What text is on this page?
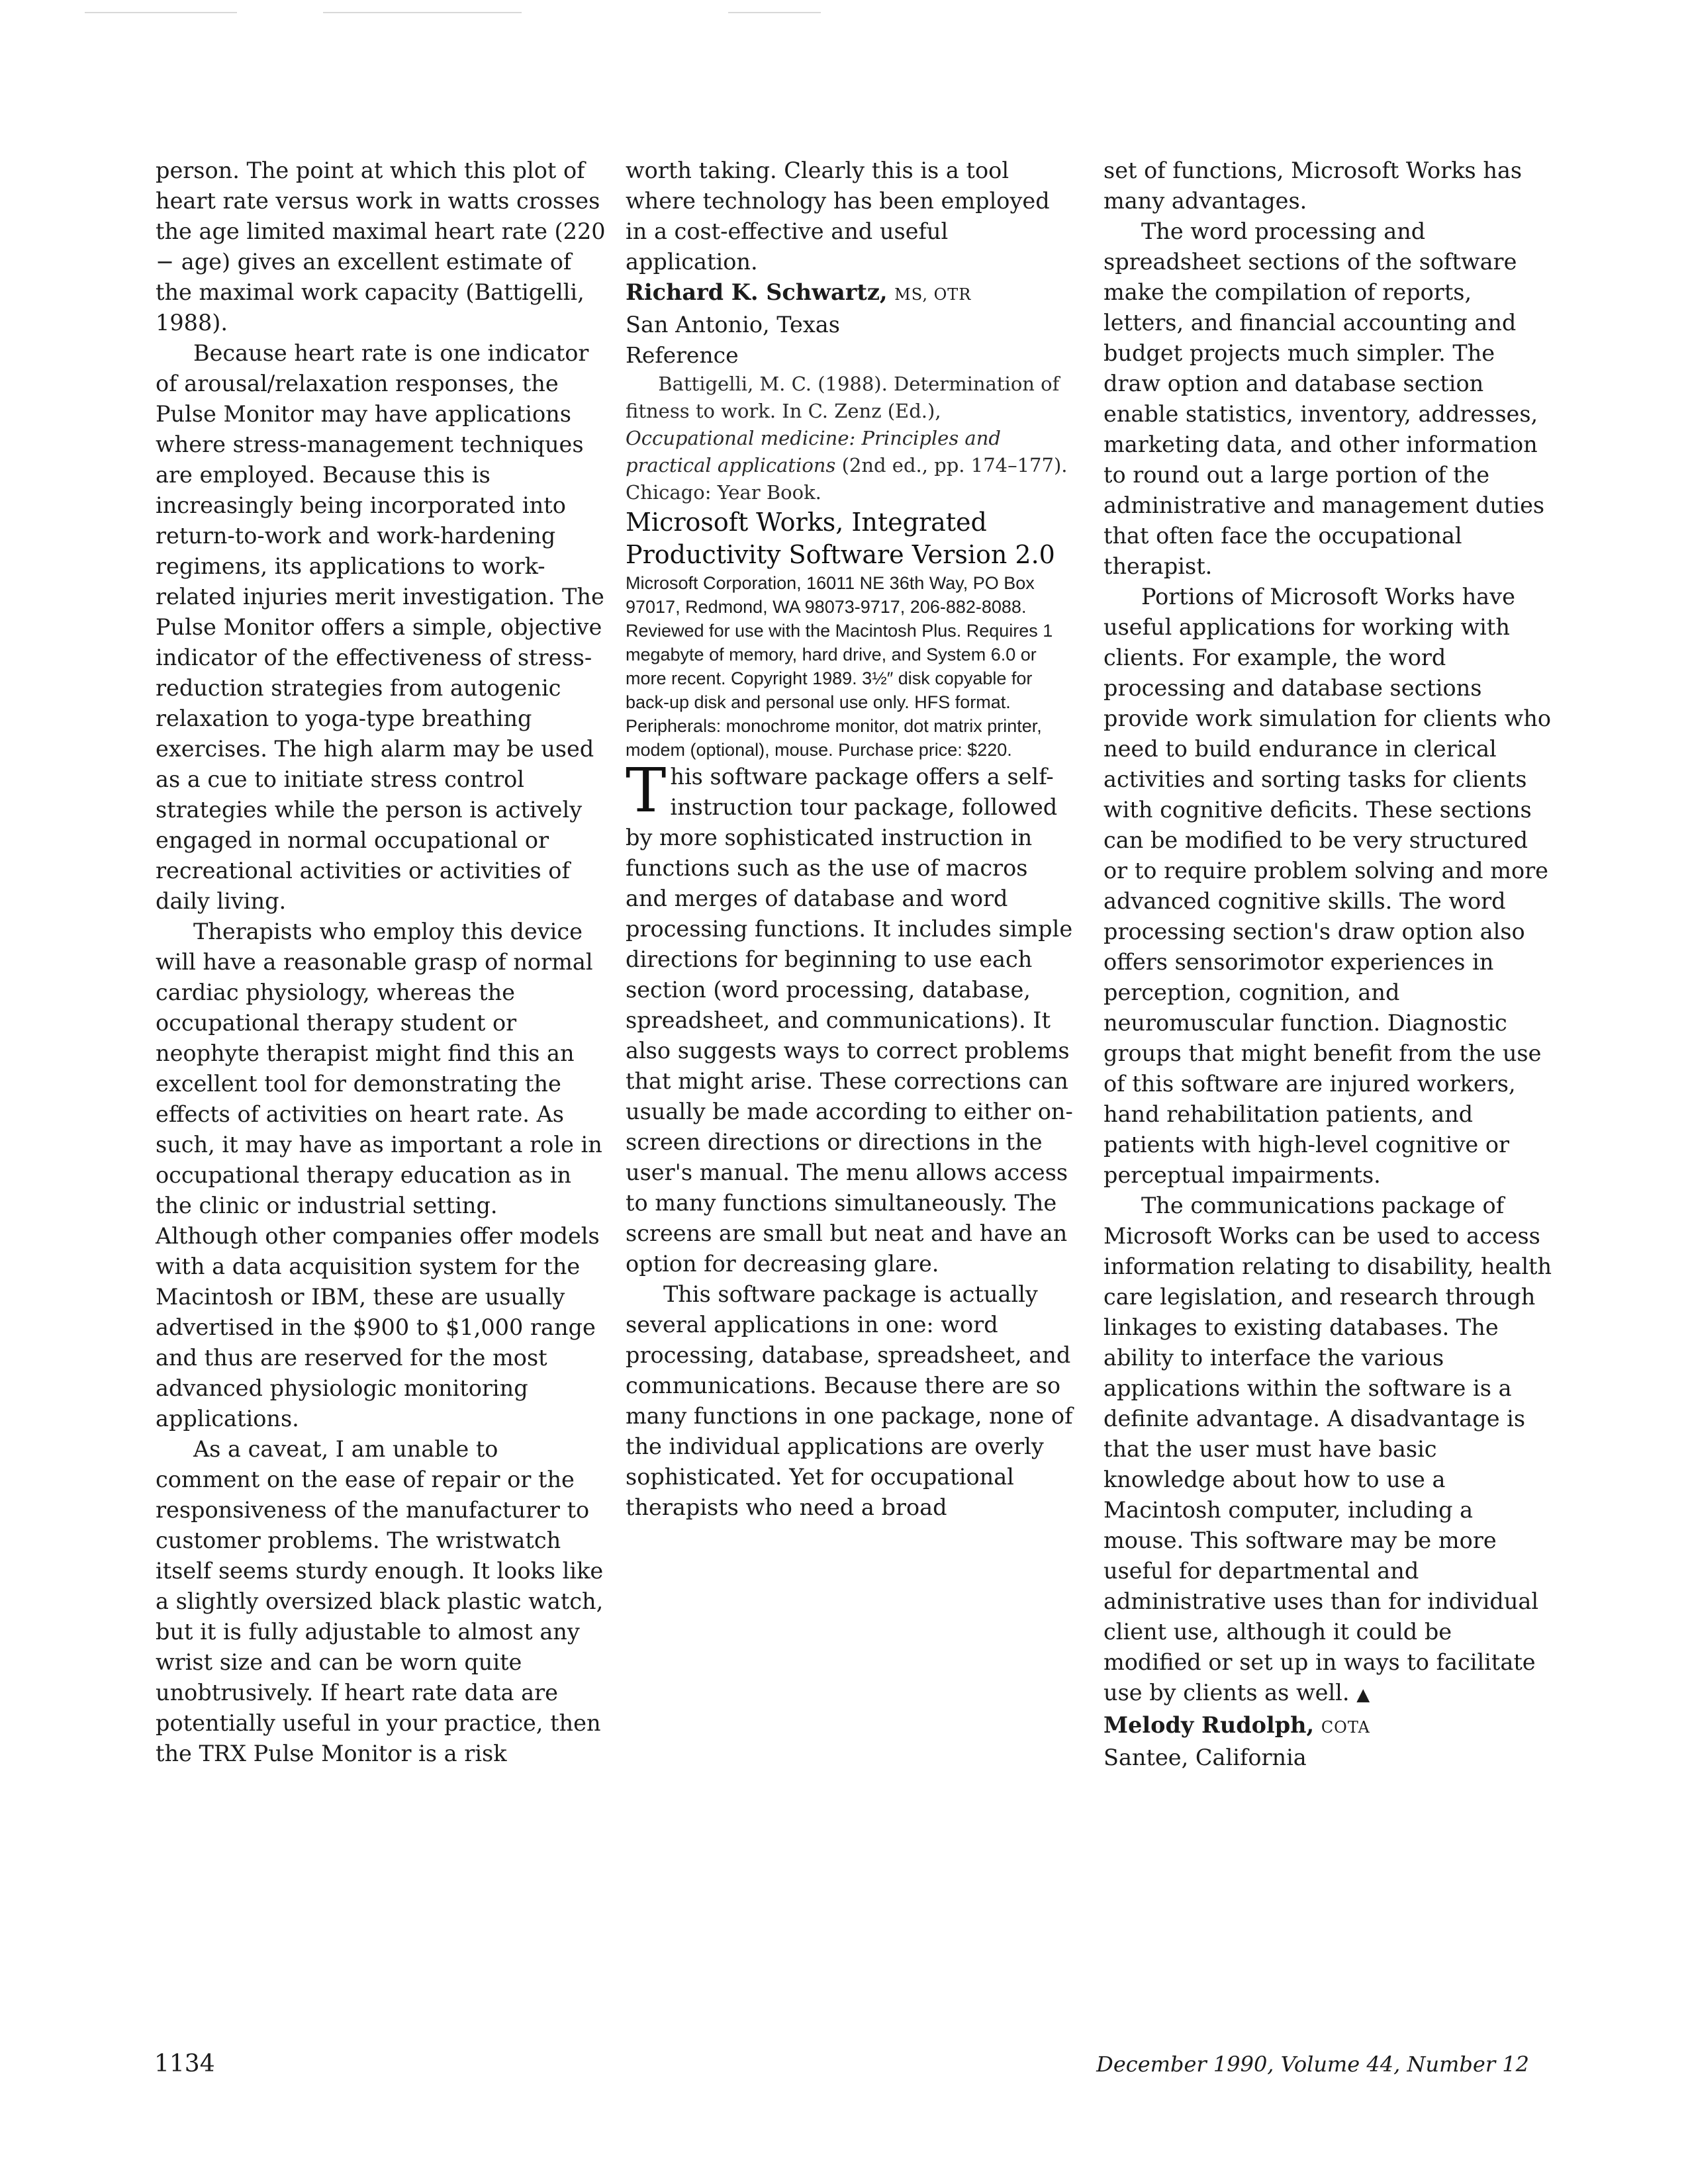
person. The point at which this plot of heart rate versus work in watts crosses the age limited maximal heart rate (220 − age) gives an excellent estimate of the maximal work capacity (Battigelli, 1988).

Because heart rate is one indicator of arousal/relaxation responses, the Pulse Monitor may have applications where stress-management techniques are employed. Because this is increasingly being incorporated into return-to-work and work-hardening regimens, its applications to work-related injuries merit investigation. The Pulse Monitor offers a simple, objective indicator of the effectiveness of stress-reduction strategies from autogenic relaxation to yoga-type breathing exercises. The high alarm may be used as a cue to initiate stress control strategies while the person is actively engaged in normal occupational or recreational activities or activities of daily living.

Therapists who employ this device will have a reasonable grasp of normal cardiac physiology, whereas the occupational therapy student or neophyte therapist might find this an excellent tool for demonstrating the effects of activities on heart rate. As such, it may have as important a role in occupational therapy education as in the clinic or industrial setting. Although other companies offer models with a data acquisition system for the Macintosh or IBM, these are usually advertised in the $900 to $1,000 range and thus are reserved for the most advanced physiologic monitoring applications.

As a caveat, I am unable to comment on the ease of repair or the responsiveness of the manufacturer to customer problems. The wristwatch itself seems sturdy enough. It looks like a slightly oversized black plastic watch, but it is fully adjustable to almost any wrist size and can be worn quite unobtrusively. If heart rate data are potentially useful in your practice, then the TRX Pulse Monitor is a risk

worth taking. Clearly this is a tool where technology has been employed in a cost-effective and useful application.

Richard K. Schwartz, MS, OTR

San Antonio, Texas

Reference

Battigelli, M. C. (1988). Determination of fitness to work. In C. Zenz (Ed.), Occupational medicine: Principles and practical applications (2nd ed., pp. 174–177). Chicago: Year Book.

Microsoft Works, Integrated Productivity Software Version 2.0

Microsoft Corporation, 16011 NE 36th Way, PO Box 97017, Redmond, WA 98073-9717, 206-882-8088. Reviewed for use with the Macintosh Plus. Requires 1 megabyte of memory, hard drive, and System 6.0 or more recent. Copyright 1989. 3½″ disk copyable for back-up disk and personal use only. HFS format. Peripherals: monochrome monitor, dot matrix printer, modem (optional), mouse. Purchase price: $220.

This software package offers a self-instruction tour package, followed by more sophisticated instruction in functions such as the use of macros and merges of database and word processing functions. It includes simple directions for beginning to use each section (word processing, database, spreadsheet, and communications). It also suggests ways to correct problems that might arise. These corrections can usually be made according to either on-screen directions or directions in the user's manual. The menu allows access to many functions simultaneously. The screens are small but neat and have an option for decreasing glare.

This software package is actually several applications in one: word processing, database, spreadsheet, and communications. Because there are so many functions in one package, none of the individual applications are overly sophisticated. Yet for occupational therapists who need a broad

set of functions, Microsoft Works has many advantages.

The word processing and spreadsheet sections of the software make the compilation of reports, letters, and financial accounting and budget projects much simpler. The draw option and database section enable statistics, inventory, addresses, marketing data, and other information to round out a large portion of the administrative and management duties that often face the occupational therapist.

Portions of Microsoft Works have useful applications for working with clients. For example, the word processing and database sections provide work simulation for clients who need to build endurance in clerical activities and sorting tasks for clients with cognitive deficits. These sections can be modified to be very structured or to require problem solving and more advanced cognitive skills. The word processing section's draw option also offers sensorimotor experiences in perception, cognition, and neuromuscular function. Diagnostic groups that might benefit from the use of this software are injured workers, hand rehabilitation patients, and patients with high-level cognitive or perceptual impairments.

The communications package of Microsoft Works can be used to access information relating to disability, health care legislation, and research through linkages to existing databases. The ability to interface the various applications within the software is a definite advantage. A disadvantage is that the user must have basic knowledge about how to use a Macintosh computer, including a mouse. This software may be more useful for departmental and administrative uses than for individual client use, although it could be modified or set up in ways to facilitate use by clients as well. ▲

Melody Rudolph, COTA

Santee, California

1134	December 1990, Volume 44, Number 12
